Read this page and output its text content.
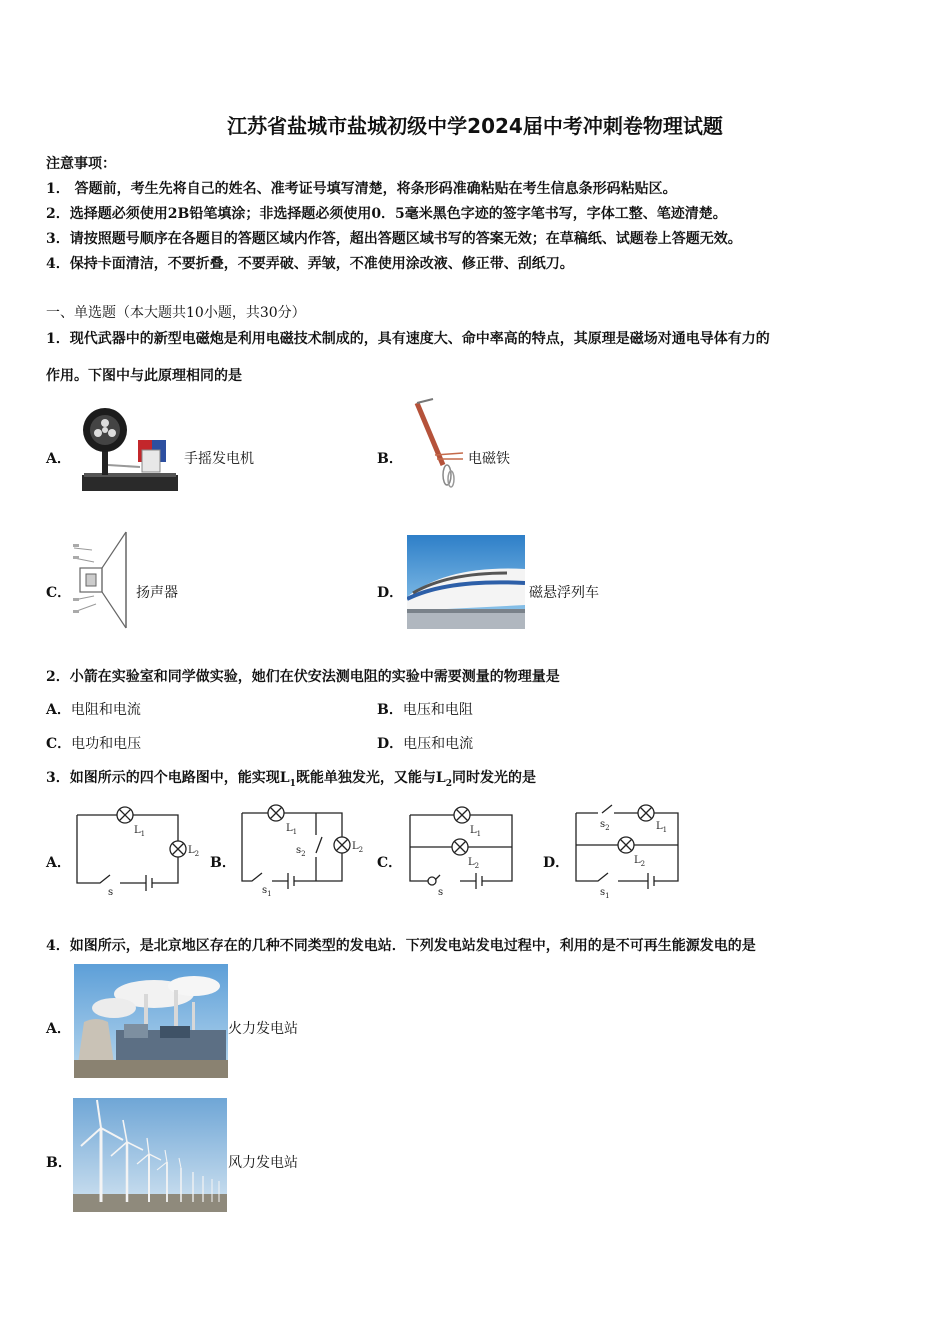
江苏省盐城市盐城初级中学2024届中考冲刺卷物理试题
注意事项：
1． 答题前，考生先将自己的姓名、准考证号填写清楚，将条形码准确粘贴在考生信息条形码粘贴区。
2．选择题必须使用2B铅笔填涂；非选择题必须使用0．5毫米黑色字迹的签字笔书写，字体工整、笔迹清楚。
3．请按照题号顺序在各题目的答题区域内作答，超出答题区域书写的答案无效；在草稿纸、试题卷上答题无效。
4．保持卡面清洁，不要折叠，不要弄破、弄皱，不准使用涂改液、修正带、刮纸刀。
一、单选题（本大题共10小题，共30分）
1．现代武器中的新型电磁炮是利用电磁技术制成的，具有速度大、命中率高的特点，其原理是磁场对通电导体有力的
作用。下图中与此原理相同的是
A．	手摇发电机	B．	电磁铁
C．	扬声器	D．	磁悬浮列车
2．小箭在实验室和同学做实验，她们在伏安法测电阻的实验中需要测量的物理量是
A．电阻和电流	B．电压和电阻
C．电功和电压	D．电压和电流
3．如图所示的四个电路图中，能实现$L_1$既能单独发光，又能与$L_2$同时发光的是
A．	B．	C．	D．
$L_1$
$L_2$
s
$L_1$
$L_2$
$s_2$
$s_1$
$L_1$
$L_2$
s
$s_2$	$L_1$
$L_2$
$s_1$
4．如图所示，是北京地区存在的几种不同类型的发电站．下列发电站发电过程中，利用的是不可再生能源发电的是
A．	火力发电站
B．	风力发电站
